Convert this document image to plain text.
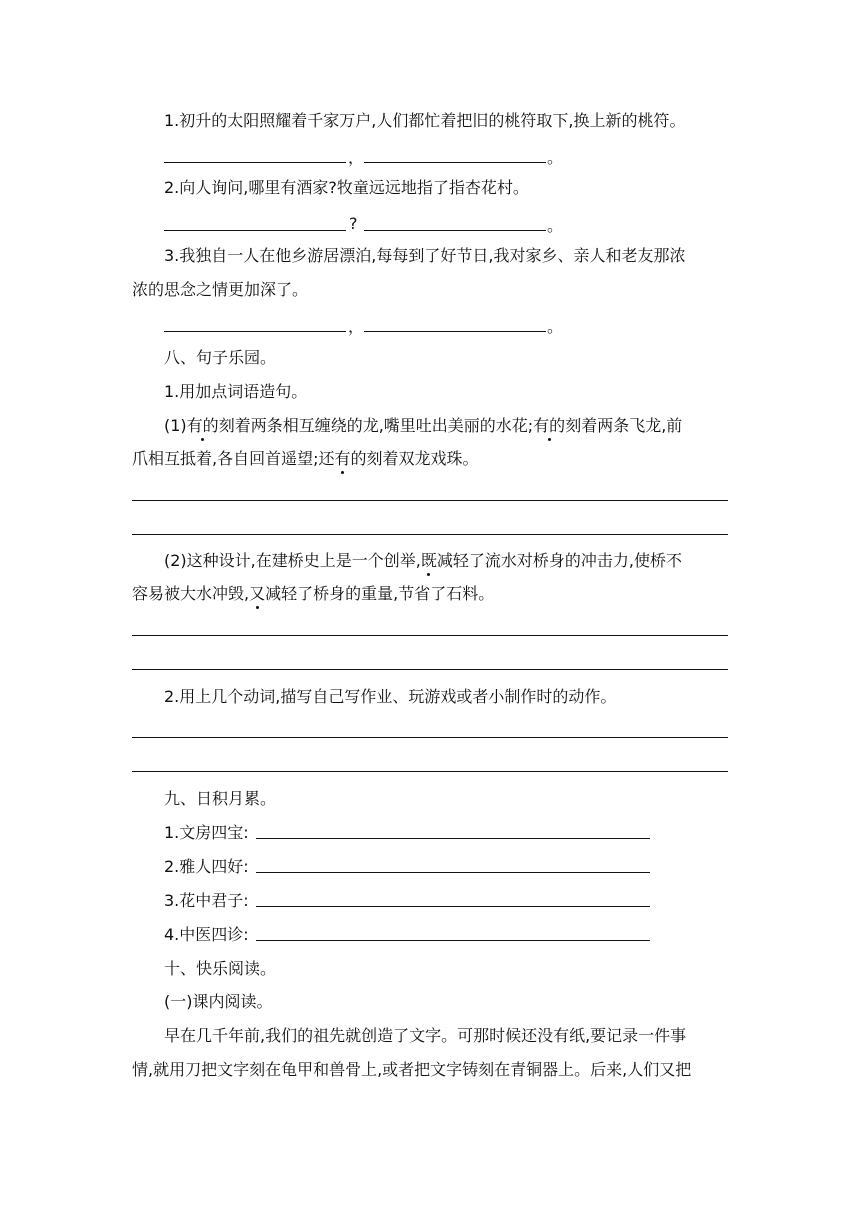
1.初升的太阳照耀着千家万户,人们都忙着把旧的桃符取下,换上新的桃符。
，	。
2.向人询问,哪里有酒家?牧童远远地指了指杏花村。
?	。
3.我独自一人在他乡游居漂泊,每每到了好节日,我对家乡、亲人和老友那浓
浓的思念之情更加深了。
，	。
八、句子乐园。
1.用加点词语造句。
(1)有的刻着两条相互缠绕的龙,嘴里吐出美丽的水花;有的刻着两条飞龙,前
爪相互抵着,各自回首遥望;还有的刻着双龙戏珠。
(2)这种设计,在建桥史上是一个创举,既减轻了流水对桥身的冲击力,使桥不
容易被大水冲毁,又减轻了桥身的重量,节省了石料。
2.用上几个动词,描写自己写作业、玩游戏或者小制作时的动作。
九、日积月累。
1.文房四宝:
2.雅人四好:
3.花中君子:
4.中医四诊:
十、快乐阅读。
(一)课内阅读。
早在几千年前,我们的祖先就创造了文字。可那时候还没有纸,要记录一件事
情,就用刀把文字刻在龟甲和兽骨上,或者把文字铸刻在青铜器上。后来,人们又把
